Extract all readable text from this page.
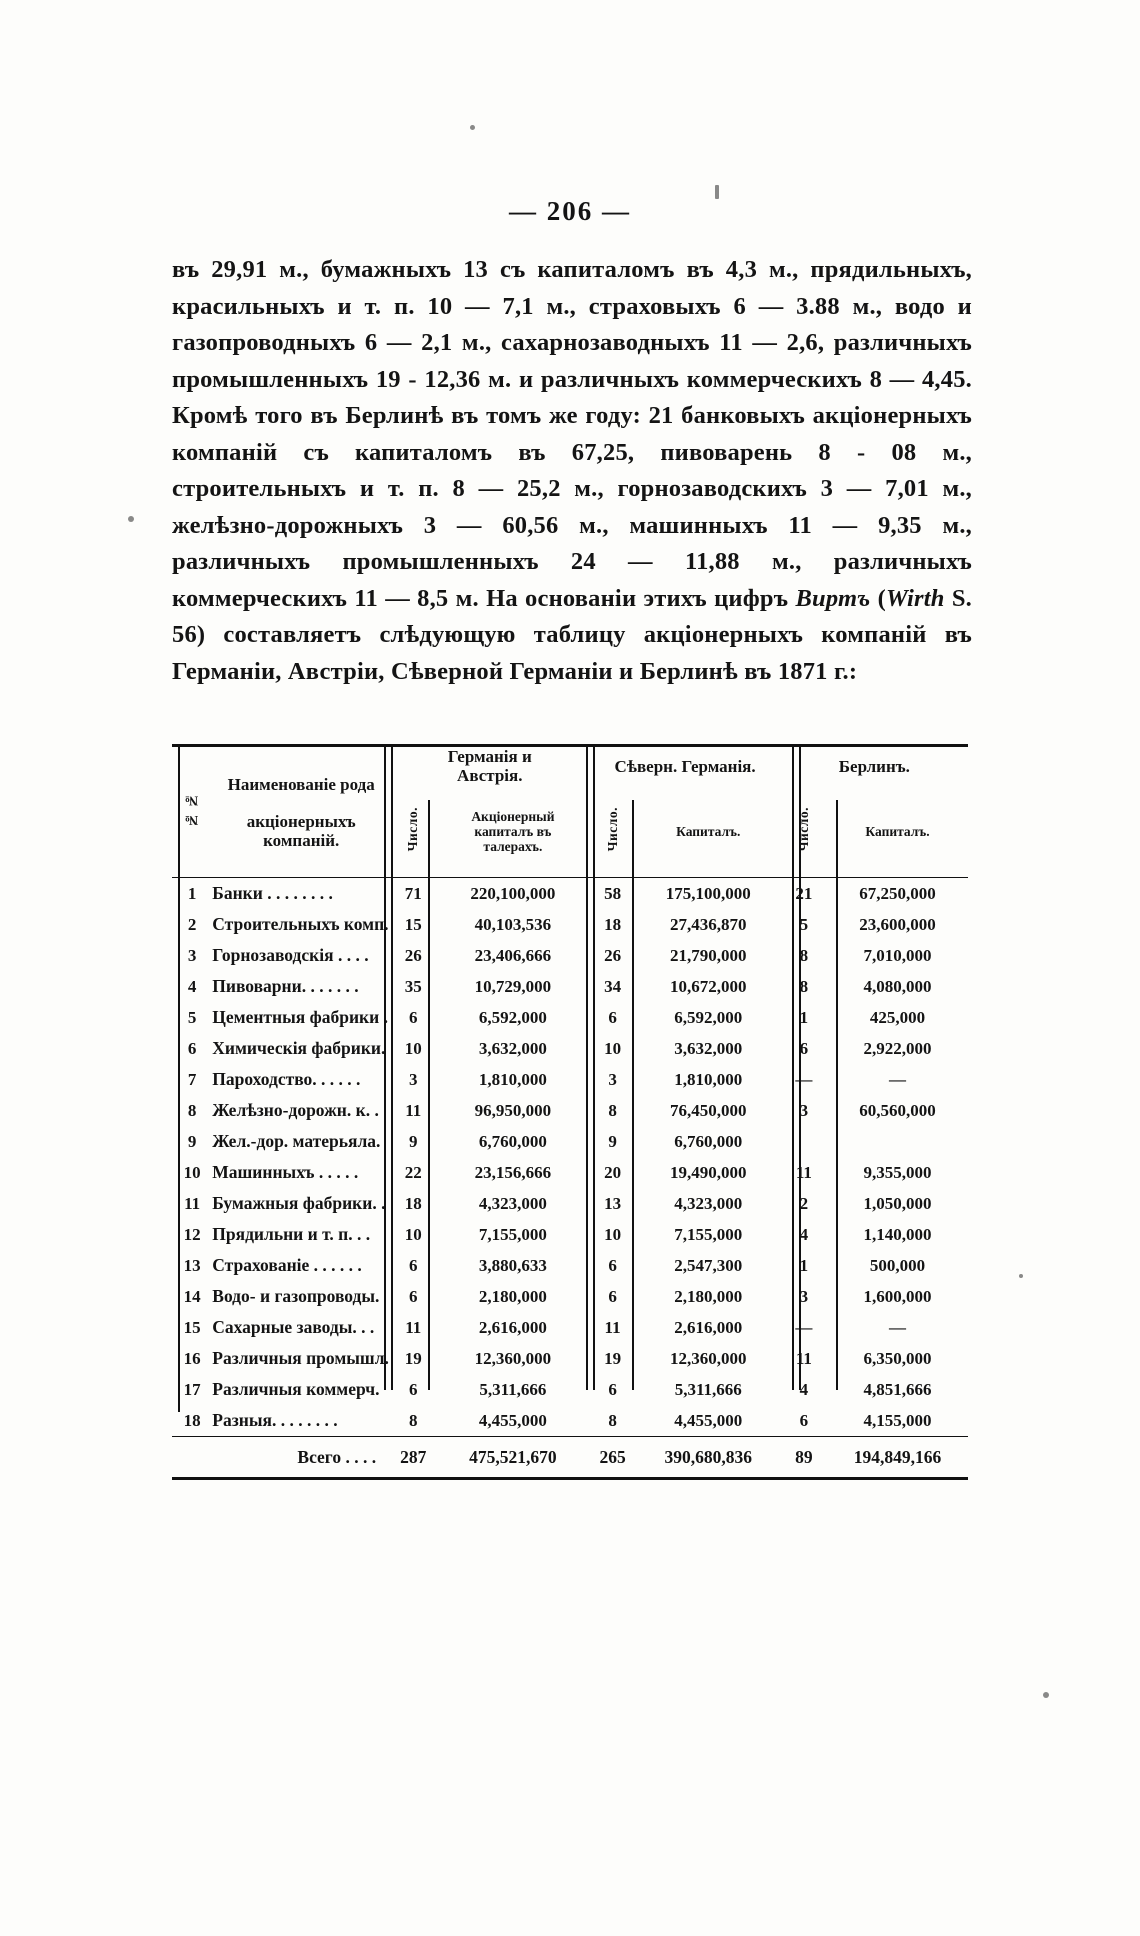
— 206 —

въ 29,91 м., бумажныхъ 13 съ капиталомъ въ 4,3 м., прядильныхъ, красильныхъ и т. п. 10 — 7,1 м., страховыхъ 6 — 3.88 м., водо и газопроводныхъ 6 — 2,1 м., сахарнозаводныхъ 11 — 2,6, различныхъ промышленныхъ 19 - 12,36 м. и различныхъ коммерческихъ 8 — 4,45. Кромѣ того въ Берлинѣ въ томъ же году: 21 банковыхъ акціонерныхъ компаній съ капиталомъ въ 67,25, пивоварень 8 - 08 м., строительныхъ и т. п. 8 — 25,2 м., горнозаводскихъ 3 — 7,01 м., желѣзно-дорожныхъ 3 — 60,56 м., машинныхъ 11 — 9,35 м., различныхъ промышленныхъ 24 — 11,88 м., различныхъ коммерческихъ 11 — 8,5 м. На основаніи этихъ цифръ Виртъ (Wirth S. 56) составляетъ слѣдующую таблицу акціонерныхъ компаній въ Германіи, Австріи, Сѣверной Германіи и Берлинѣ въ 1871 г.:

№ №	
Наименованіе рода
акціонерныхъ компаній.

Германія и
Австрія.	Сѣверн. Германія.	Берлинъ.
		Число.	Акціонерный
капиталъ въ
талерахъ.	Число.	Капиталъ.	Число.	Капиталъ.
1	Банки . . . . . . . .	71	220,100,000	58	175,100,000	21	67,250,000
2	Строительныхъ комп.	15	40,103,536	18	27,436,870	5	23,600,000
3	Горнозаводскія . . . .	26	23,406,666	26	21,790,000	8	7,010,000
4	Пивоварни. . . . . . .	35	10,729,000	34	10,672,000	8	4,080,000
5	Цементныя фабрики .	6	6,592,000	6	6,592,000	1	425,000
6	Химическія фабрики.	10	3,632,000	10	3,632,000	6	2,922,000
7	Пароходство. . . . . .	3	1,810,000	3	1,810,000	—	—
8	Желѣзно-дорожн. к. .	11	96,950,000	8	76,450,000	3	60,560,000
9	Жел.-дор. матерьяла.	9	6,760,000	9	6,760,000		
10	Машинныхъ . . . . .	22	23,156,666	20	19,490,000	11	9,355,000
11	Бумажныя фабрики. .	18	4,323,000	13	4,323,000	2	1,050,000
12	Прядильни и т. п. . .	10	7,155,000	10	7,155,000	4	1,140,000
13	Страхованіе . . . . . .	6	3,880,633	6	2,547,300	1	500,000
14	Водо- и газопроводы.	6	2,180,000	6	2,180,000	3	1,600,000
15	Сахарные заводы. . .	11	2,616,000	11	2,616,000	—	—
16	Различныя промышл.	19	12,360,000	19	12,360,000	11	6,350,000
17	Различныя коммерч.	6	5,311,666	6	5,311,666	4	4,851,666
18	Разныя. . . . . . . .	8	4,455,000	8	4,455,000	6	4,155,000
	Всего . . . .	287	475,521,670	265	390,680,836	89	194,849,166
